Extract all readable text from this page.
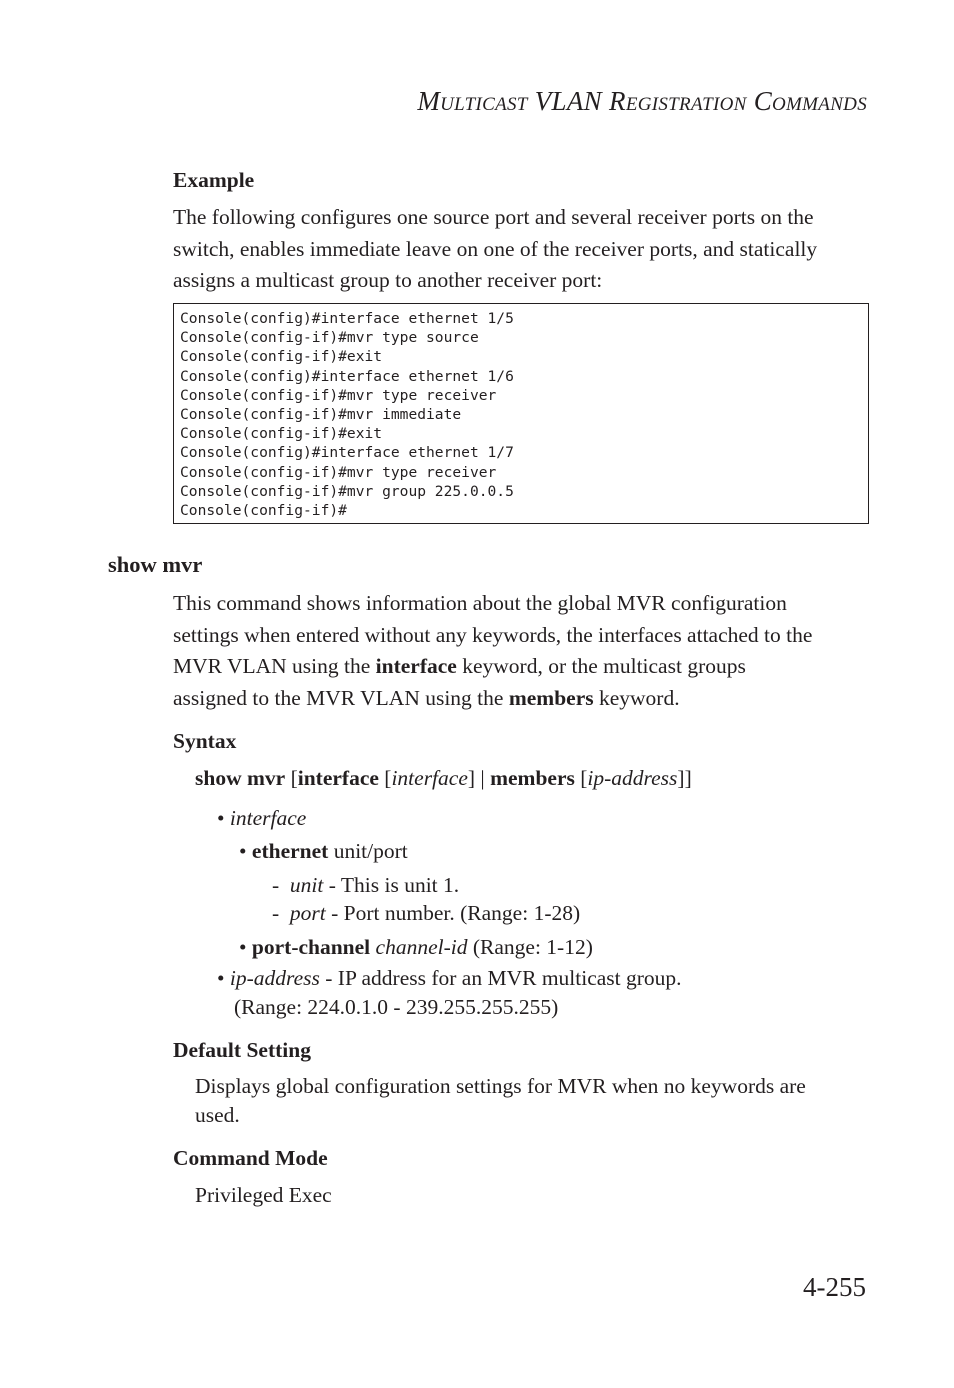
MULTICAST VLAN REGISTRATION COMMANDS
Example
The following configures one source port and several receiver ports on the
switch, enables immediate leave on one of the receiver ports, and statically
assigns a multicast group to another receiver port:
Console(config)#interface ethernet 1/5
Console(config-if)#mvr type source
Console(config-if)#exit
Console(config)#interface ethernet 1/6
Console(config-if)#mvr type receiver
Console(config-if)#mvr immediate
Console(config-if)#exit
Console(config)#interface ethernet 1/7
Console(config-if)#mvr type receiver
Console(config-if)#mvr group 225.0.0.5
Console(config-if)#
show mvr
This command shows information about the global MVR configuration
settings when entered without any keywords, the interfaces attached to the
MVR VLAN using the interface keyword, or the multicast groups
assigned to the MVR VLAN using the members keyword.
Syntax
show mvr [interface [interface] | members [ip-address]]
• interface
• ethernet unit/port
- unit - This is unit 1.
- port - Port number. (Range: 1-28)
• port-channel channel-id (Range: 1-12)
• ip-address - IP address for an MVR multicast group.
(Range: 224.0.1.0 - 239.255.255.255)
Default Setting
Displays global configuration settings for MVR when no keywords are
used.
Command Mode
Privileged Exec
4-255
